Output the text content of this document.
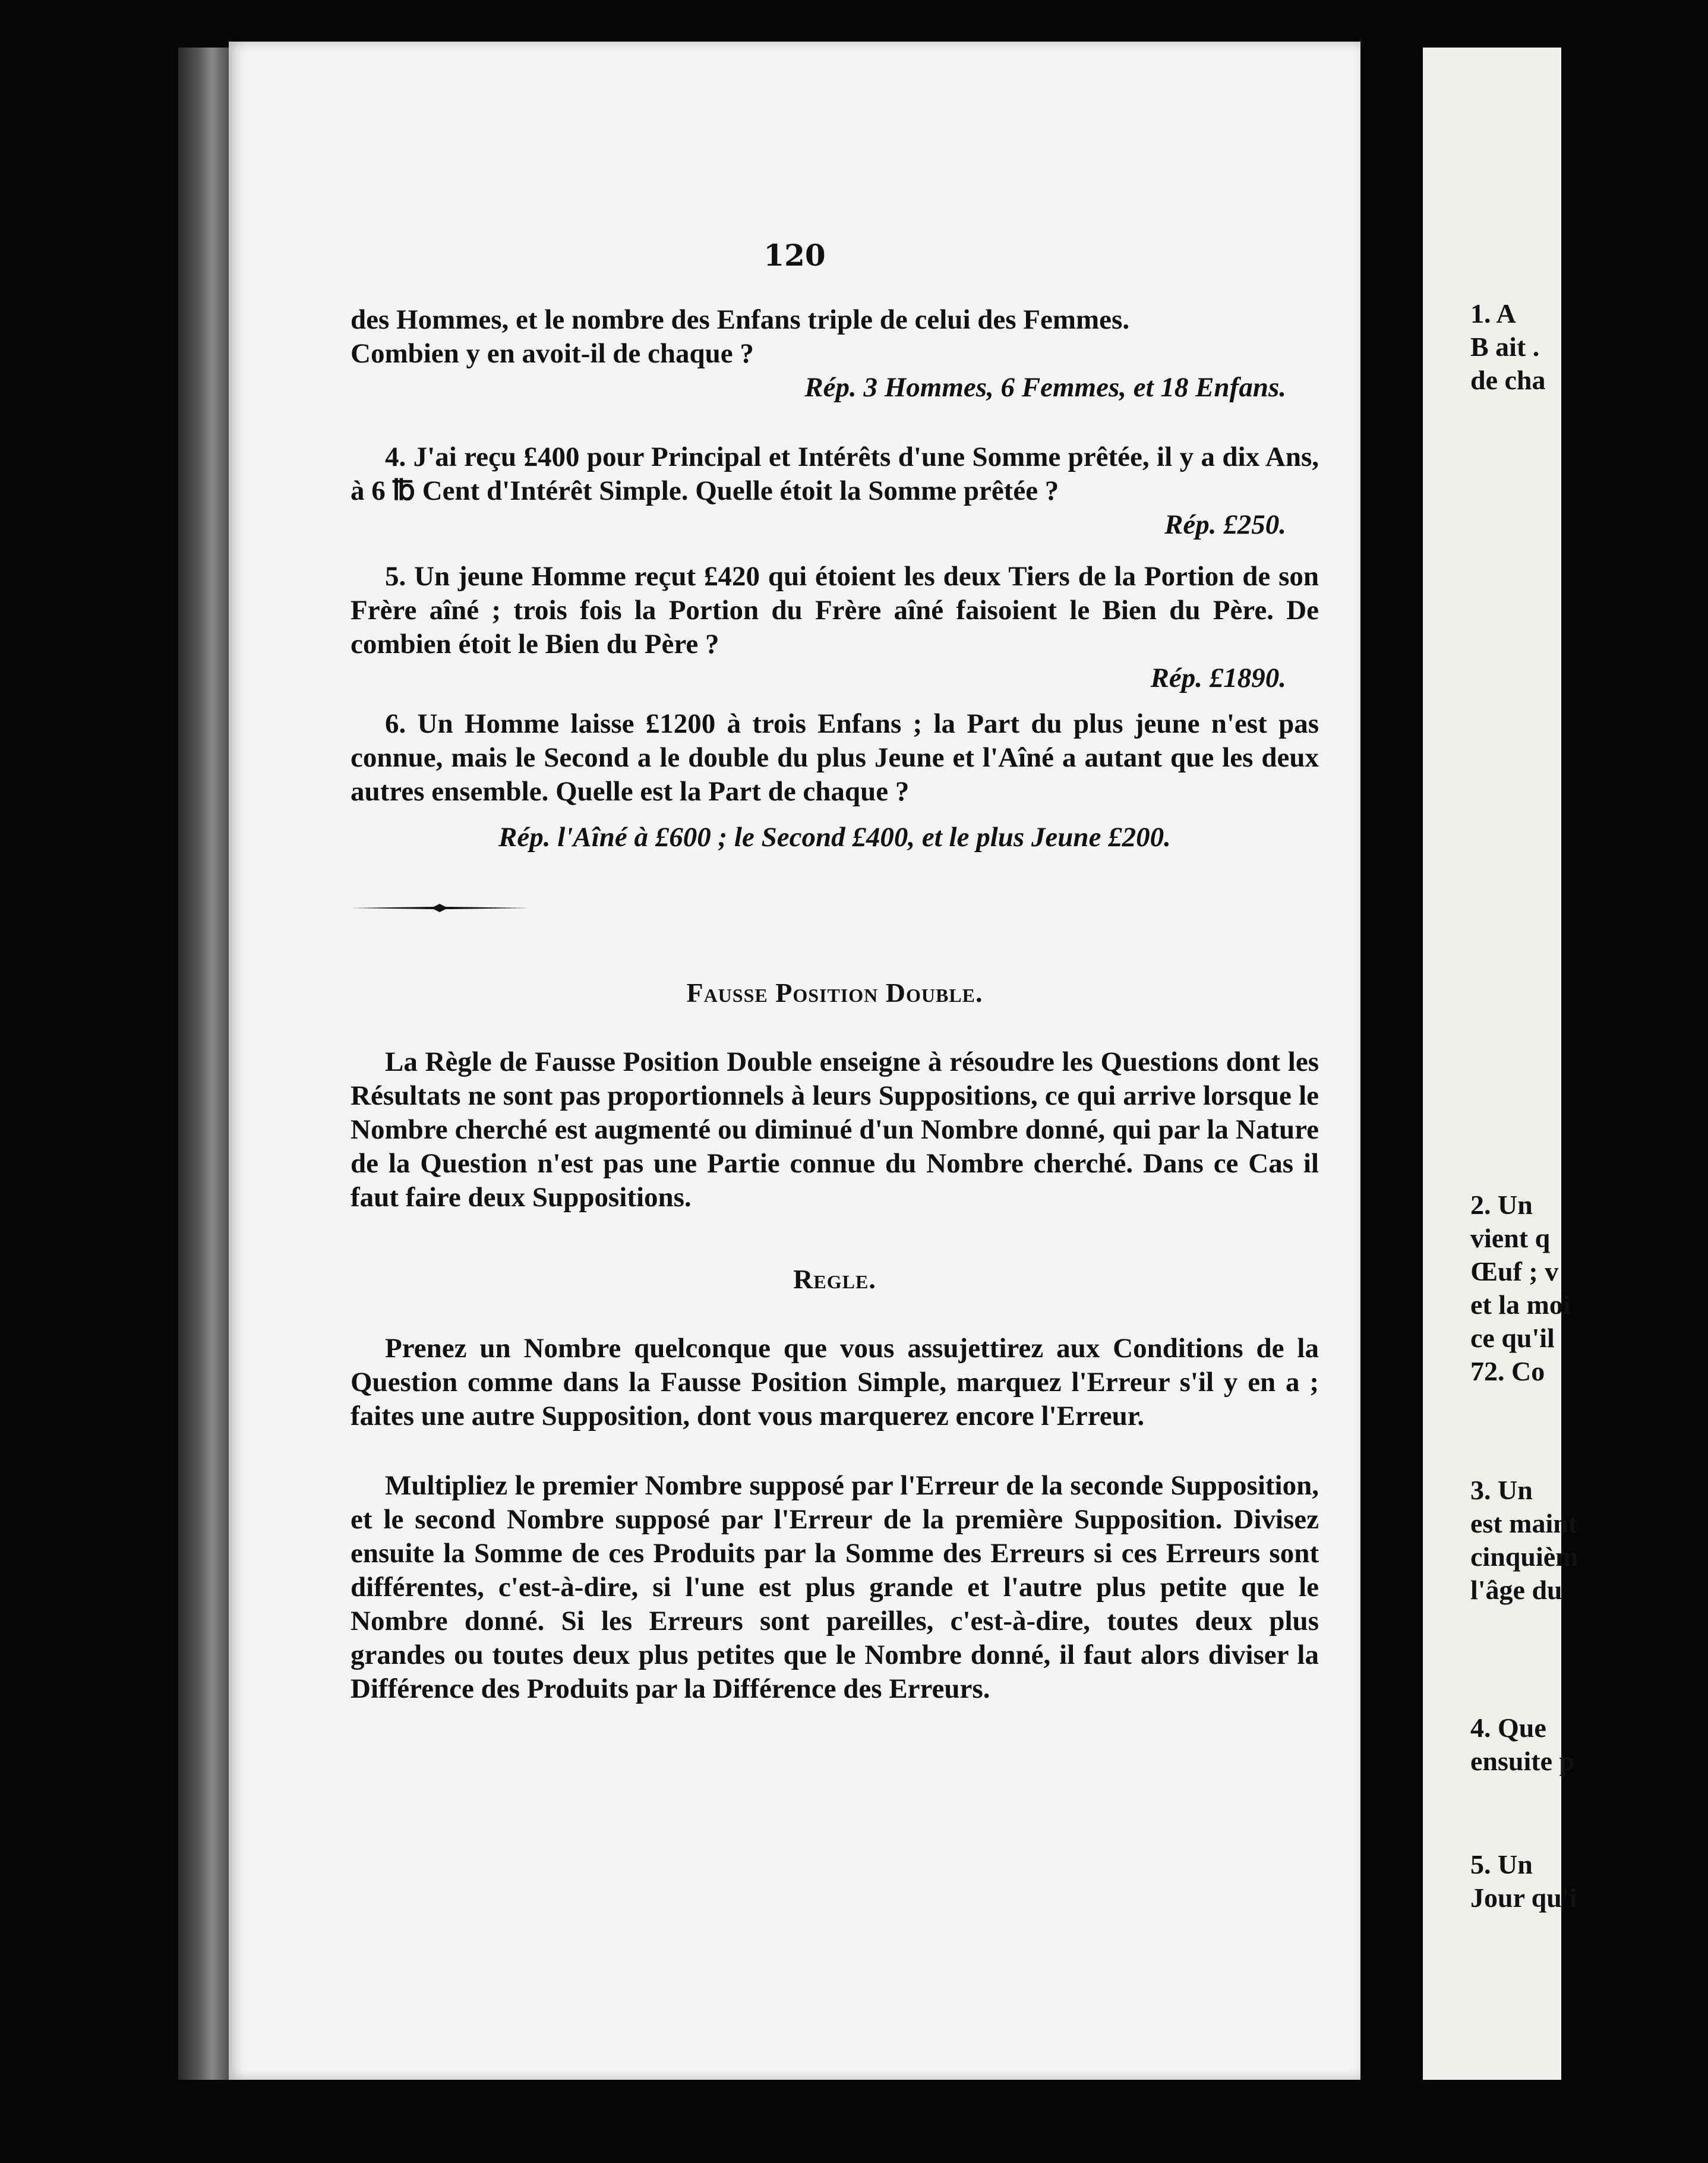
120

des Hommes, et le nombre des Enfans triple de celui des Femmes.

Combien y en avoit-il de chaque ?

Rép. 3 Hommes, 6 Femmes, et 18 Enfans.

4. J'ai reçu £400 pour Principal et Intérêts d'une Somme prêtée, il y a dix Ans, à 6 ℔ Cent d'Intérêt Simple. Quelle étoit la Somme prêtée ?

Rép. £250.

5. Un jeune Homme reçut £420 qui étoient les deux Tiers de la Portion de son Frère aîné ; trois fois la Portion du Frère aîné faisoient le Bien du Père. De combien étoit le Bien du Père ?

Rép. £1890.

6. Un Homme laisse £1200 à trois Enfans ; la Part du plus jeune n'est pas connue, mais le Second a le double du plus Jeune et l'Aîné a autant que les deux autres ensemble. Quelle est la Part de chaque ?

Rép. l'Aîné à £600 ; le Second £400, et le plus Jeune £200.

Fausse Position Double.

La Règle de Fausse Position Double enseigne à résoudre les Questions dont les Résultats ne sont pas proportionnels à leurs Suppositions, ce qui arrive lorsque le Nombre cherché est augmenté ou diminué d'un Nombre donné, qui par la Nature de la Question n'est pas une Partie connue du Nombre cherché. Dans ce Cas il faut faire deux Suppositions.

Regle.

Prenez un Nombre quelconque que vous assujettirez aux Conditions de la Question comme dans la Fausse Position Simple, marquez l'Erreur s'il y en a ; faites une autre Supposition, dont vous marquerez encore l'Erreur.

Multipliez le premier Nombre supposé par l'Erreur de la seconde Supposition, et le second Nombre supposé par l'Erreur de la première Supposition. Divisez ensuite la Somme de ces Produits par la Somme des Erreurs si ces Erreurs sont différentes, c'est-à-dire, si l'une est plus grande et l'autre plus petite que le Nombre donné. Si les Erreurs sont pareilles, c'est-à-dire, toutes deux plus grandes ou toutes deux plus petites que le Nombre donné, il faut alors diviser la Différence des Produits par la Différence des Erreurs.

1. A
B ait .
de cha
2. Un
vient q
Œuf ; v
et la moi
ce qu'il
72. Co
3. Un
est maint
cinquièm
l'âge du
4. Que
ensuite p
5. Un
Jour qu'i
